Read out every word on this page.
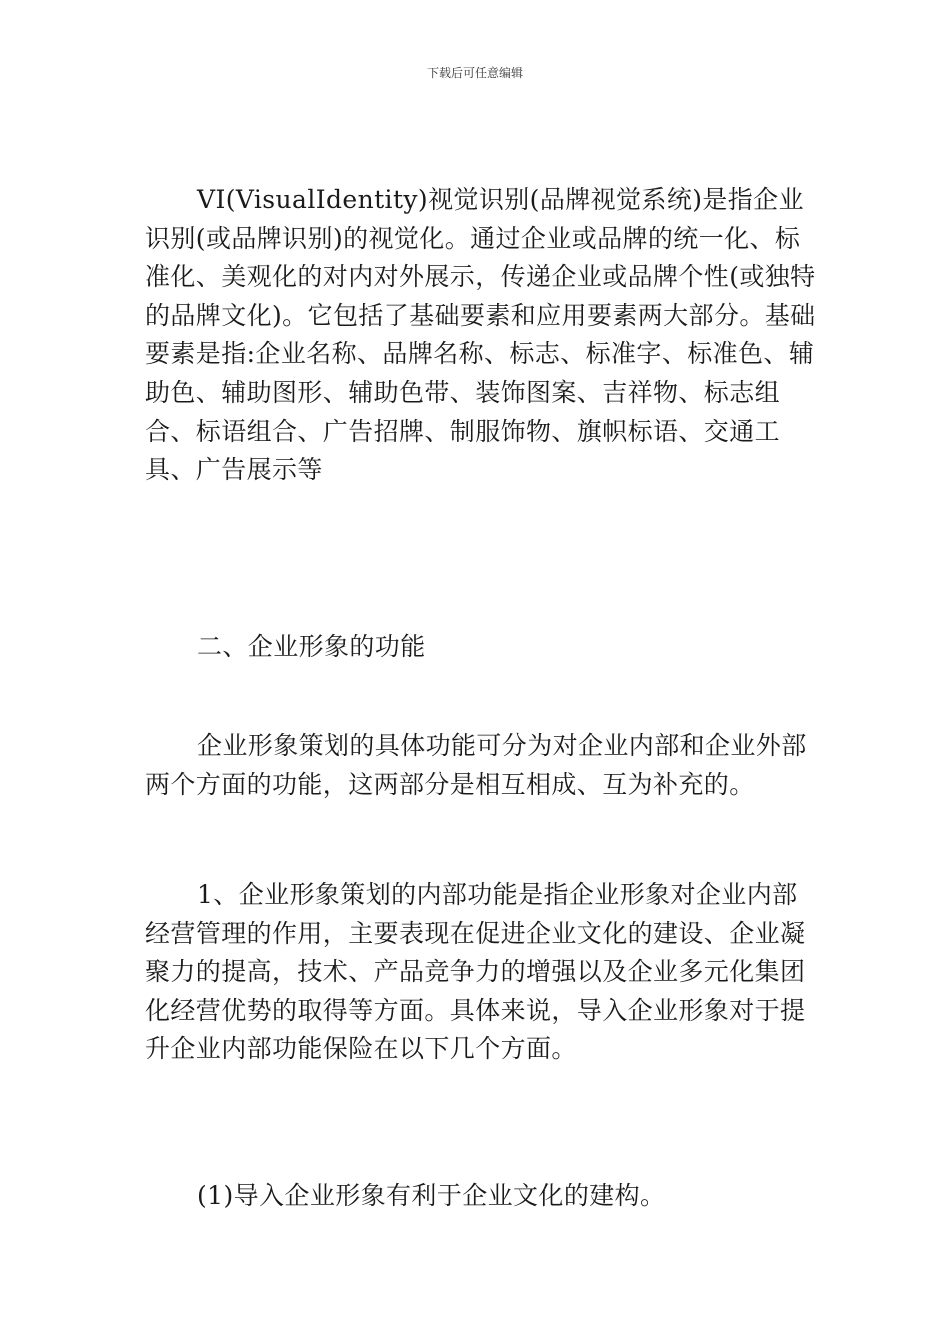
下载后可任意编辑

VI(VisualIdentity)视觉识别(品牌视觉系统)是指企业识别(或品牌识别)的视觉化。通过企业或品牌的统一化、标准化、美观化的对内对外展示，传递企业或品牌个性(或独特的品牌文化)。它包括了基础要素和应用要素两大部分。基础要素是指:企业名称、品牌名称、标志、标准字、标准色、辅助色、辅助图形、辅助色带、装饰图案、吉祥物、标志组合、标语组合、广告招牌、制服饰物、旗帜标语、交通工具、广告展示等

二、企业形象的功能

企业形象策划的具体功能可分为对企业内部和企业外部两个方面的功能，这两部分是相互相成、互为补充的。

1、企业形象策划的内部功能是指企业形象对企业内部经营管理的作用，主要表现在促进企业文化的建设、企业凝聚力的提高，技术、产品竞争力的增强以及企业多元化集团化经营优势的取得等方面。具体来说，导入企业形象对于提升企业内部功能保险在以下几个方面。

(1)导入企业形象有利于企业文化的建构。
